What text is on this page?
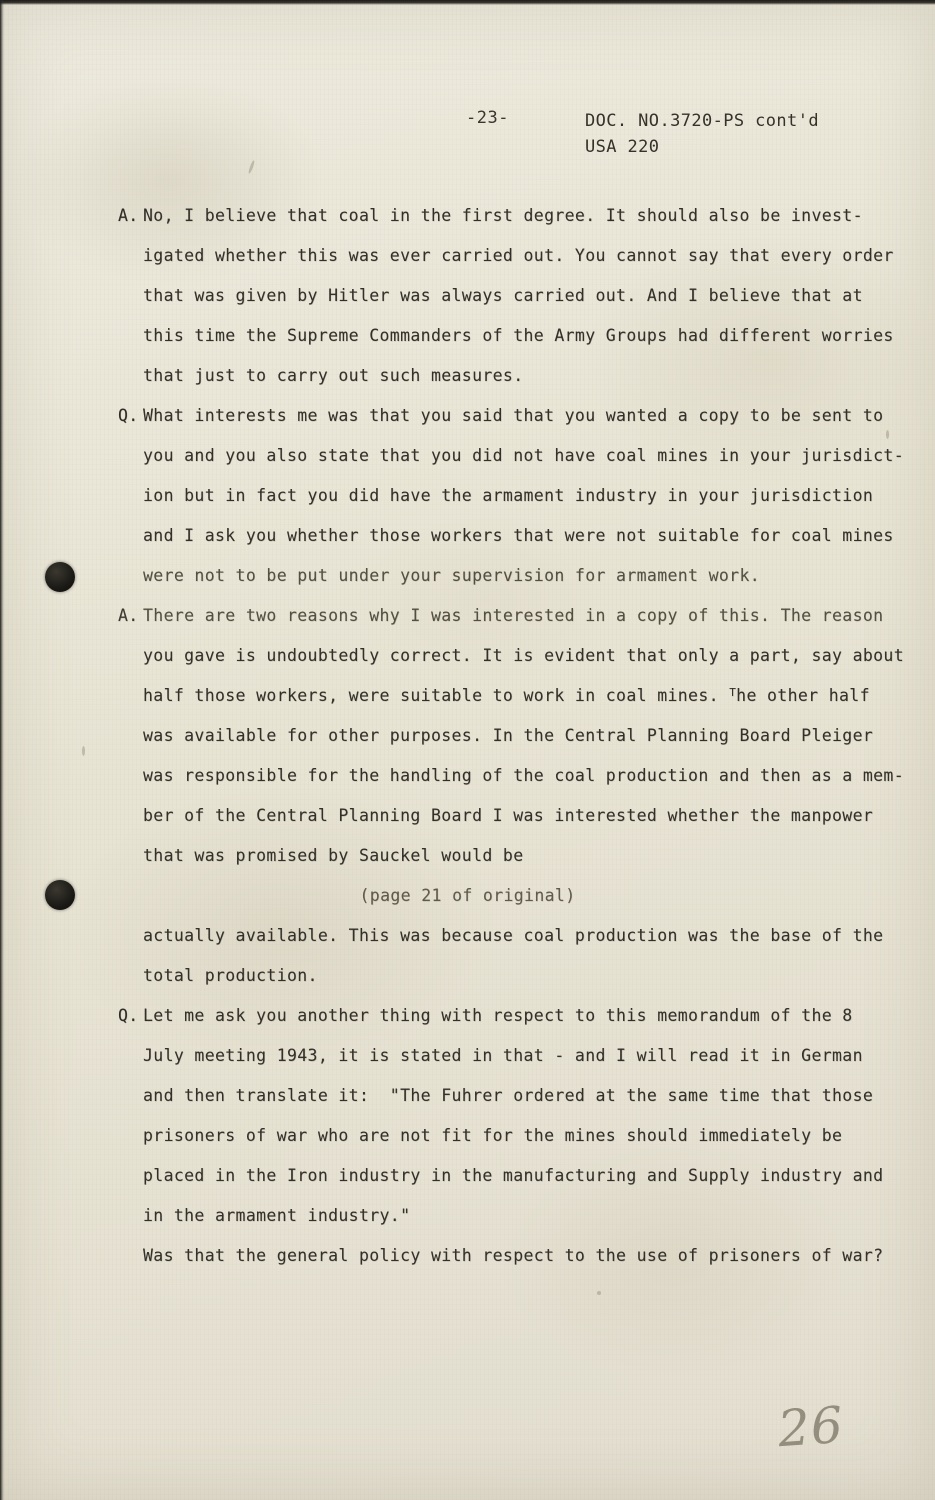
-23-	DOC. NO.3720-PS cont'd
USA 220
A. No, I believe that coal in the first degree. It should also be invest-
igated whether this was ever carried out. You cannot say that every order
that was given by Hitler was always carried out. And I believe that at
this time the Supreme Commanders of the Army Groups had different worries
that just to carry out such measures.
Q. What interests me was that you said that you wanted a copy to be sent to
you and you also state that you did not have coal mines in your jurisdict-
ion but in fact you did have the armament industry in your jurisdiction
and I ask you whether those workers that were not suitable for coal mines
were not to be put under your supervision for armament work.
A. There are two reasons why I was interested in a copy of this. The reason
you gave is undoubtedly correct. It is evident that only a part, say about
half those workers, were suitable to work in coal mines. $^T$he other half
was available for other purposes. In the Central Planning Board Pleiger
was responsible for the handling of the coal production and then as a mem-
ber of the Central Planning Board I was interested whether the manpower
that was promised by Sauckel would be
(page 21 of original)
actually available. This was because coal production was the base of the
total production.
Q. Let me ask you another thing with respect to this memorandum of the 8
July meeting 1943, it is stated in that - and I will read it in German
and then translate it:  "The Fuhrer ordered at the same time that those
prisoners of war who are not fit for the mines should immediately be
placed in the Iron industry in the manufacturing and Supply industry and
in the armament industry."
Was that the general policy with respect to the use of prisoners of war?
26
